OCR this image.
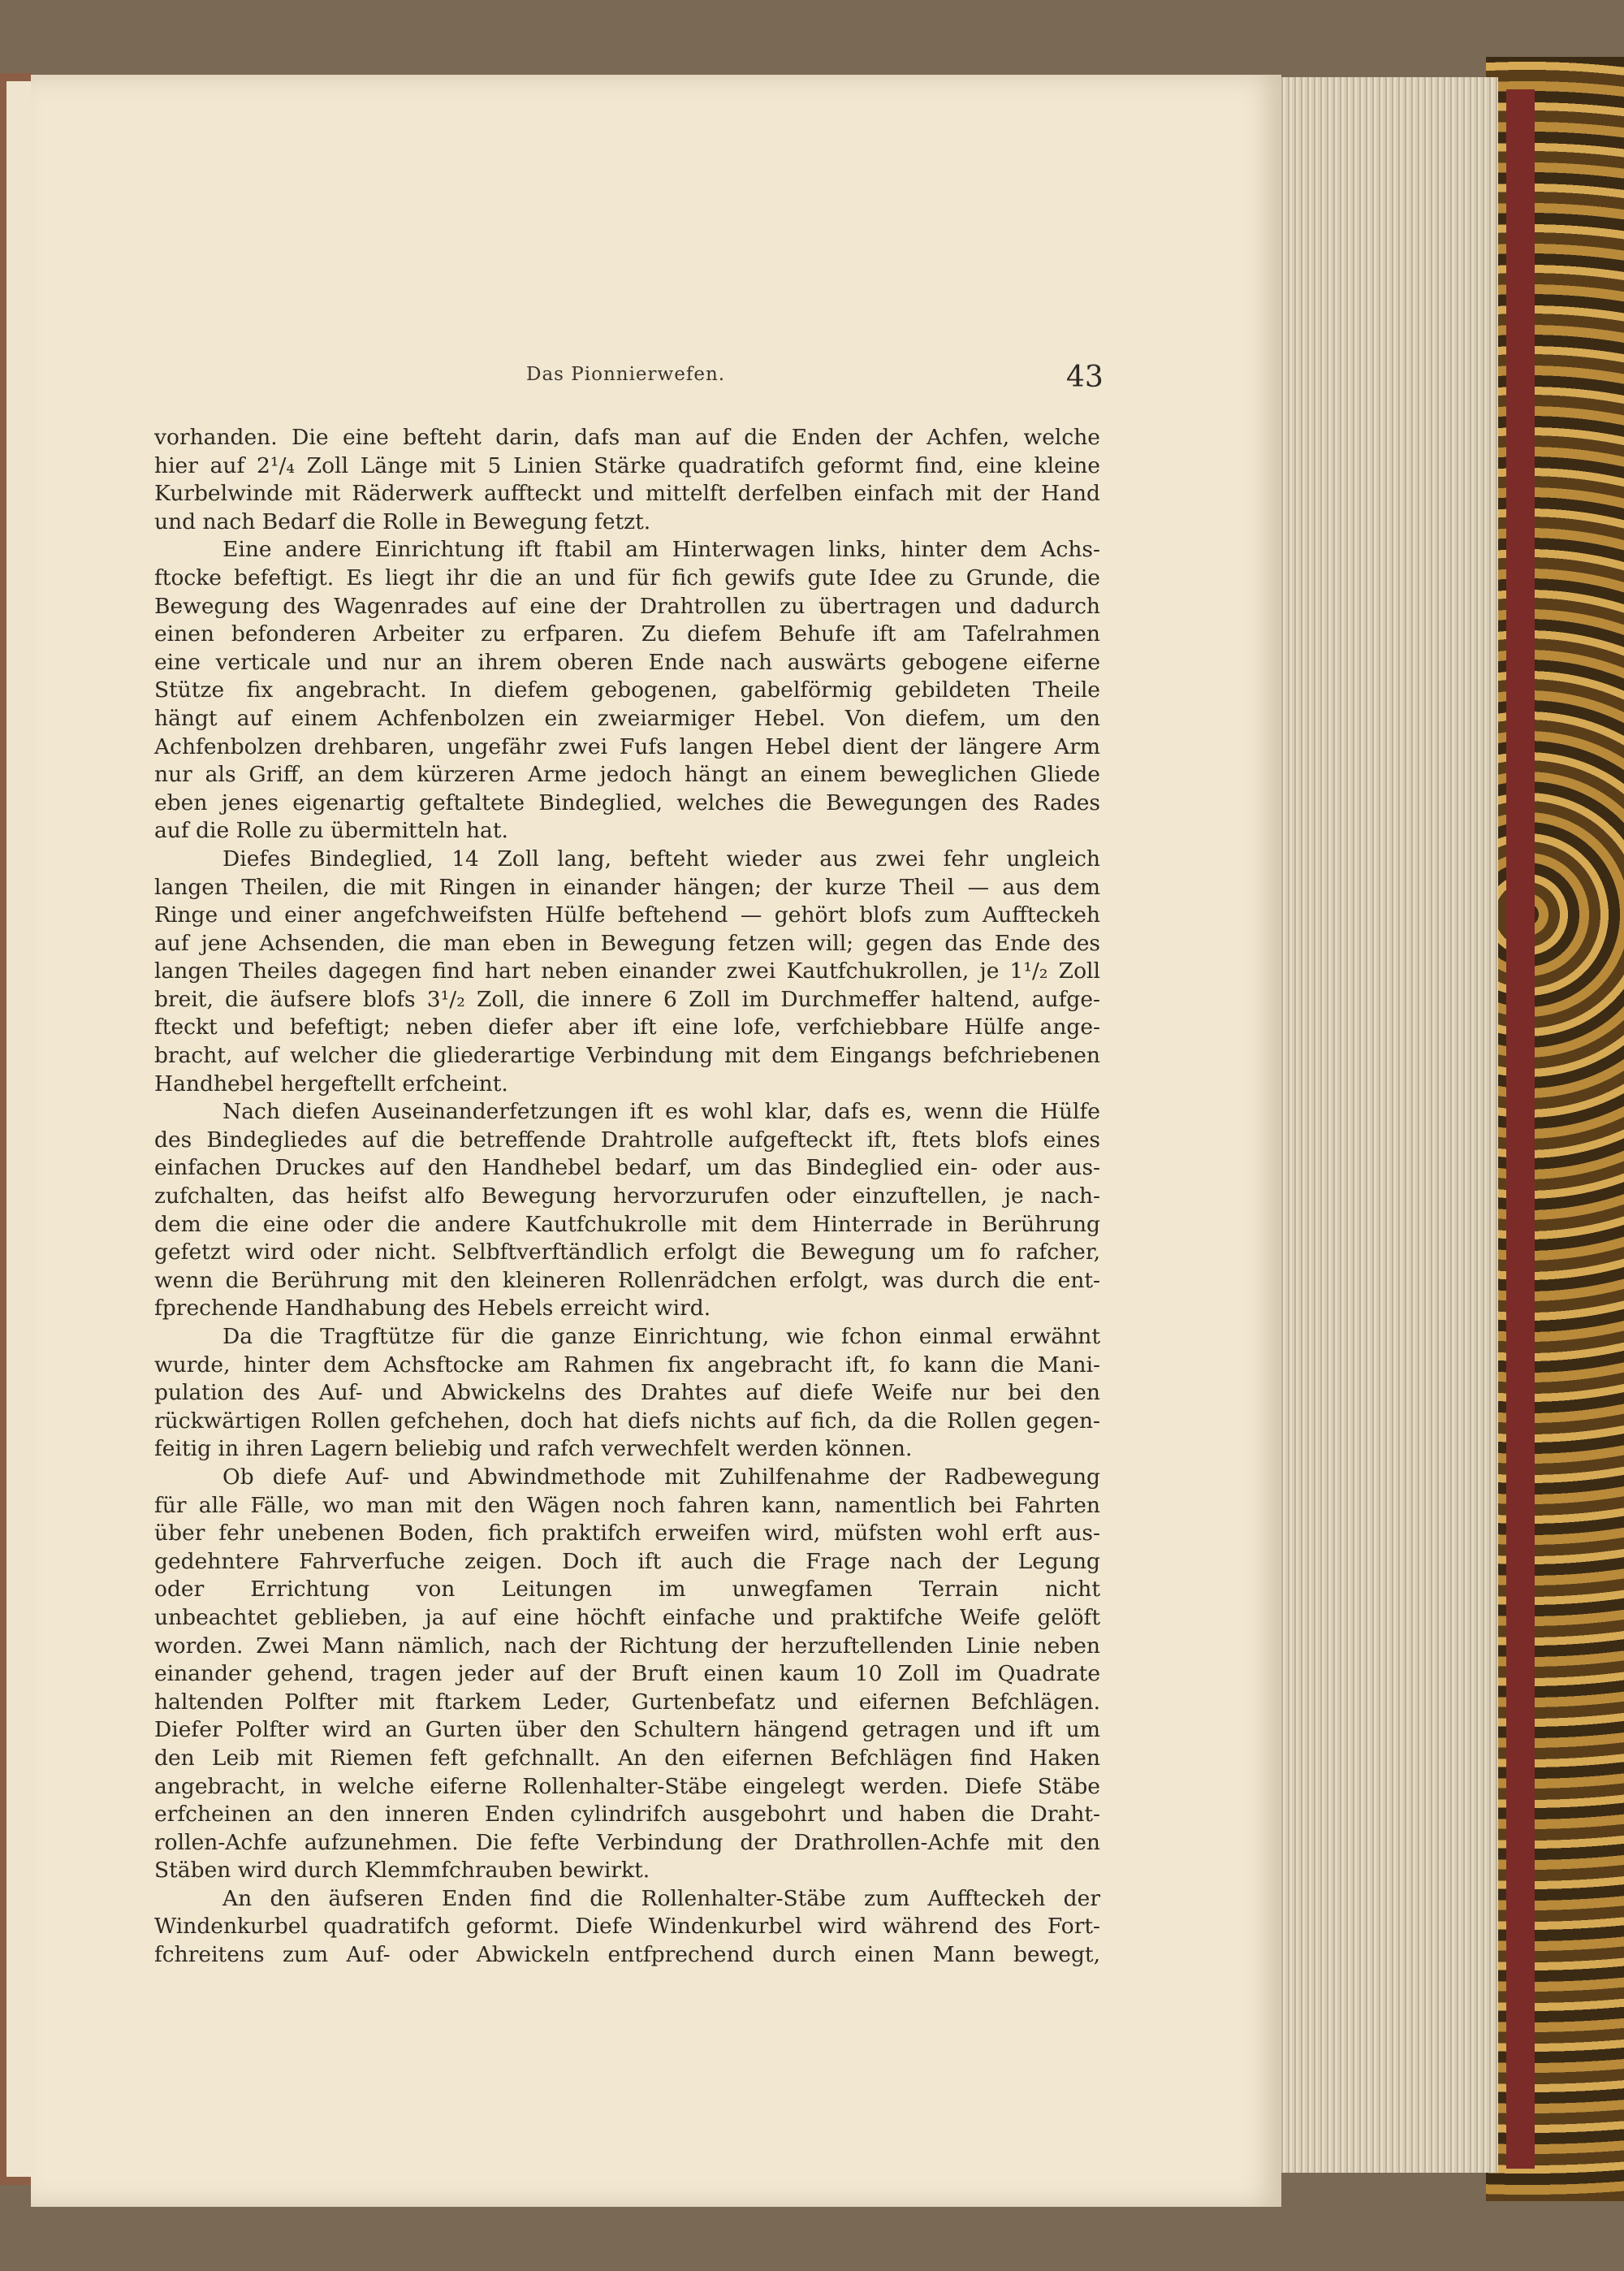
Das Pionnierwefen.	43
vorhanden. Die eine befteht darin, dafs man auf die Enden der Achfen, welche
hier auf 2¹/₄ Zoll Länge mit 5 Linien Stärke quadratifch geformt find, eine kleine
Kurbelwinde mit Räderwerk auffteckt und mittelft derfelben einfach mit der Hand
und nach Bedarf die Rolle in Bewegung fetzt.
Eine andere Einrichtung ift ftabil am Hinterwagen links, hinter dem Achs-
ftocke befeftigt. Es liegt ihr die an und für fich gewifs gute Idee zu Grunde, die
Bewegung des Wagenrades auf eine der Drahtrollen zu übertragen und dadurch
einen befonderen Arbeiter zu erfparen. Zu diefem Behufe ift am Tafelrahmen
eine verticale und nur an ihrem oberen Ende nach auswärts gebogene eiferne
Stütze fix angebracht. In diefem gebogenen, gabelförmig gebildeten Theile
hängt auf einem Achfenbolzen ein zweiarmiger Hebel. Von diefem, um den
Achfenbolzen drehbaren, ungefähr zwei Fufs langen Hebel dient der längere Arm
nur als Griff, an dem kürzeren Arme jedoch hängt an einem beweglichen Gliede
eben jenes eigenartig geftaltete Bindeglied, welches die Bewegungen des Rades
auf die Rolle zu übermitteln hat.
Diefes Bindeglied, 14 Zoll lang, befteht wieder aus zwei fehr ungleich
langen Theilen, die mit Ringen in einander hängen; der kurze Theil — aus dem
Ringe und einer angefchweifsten Hülfe beftehend — gehört blofs zum Auffteckeh
auf jene Achsenden, die man eben in Bewegung fetzen will; gegen das Ende des
langen Theiles dagegen find hart neben einander zwei Kautfchukrollen, je 1¹/₂ Zoll
breit, die äufsere blofs 3¹/₂ Zoll, die innere 6 Zoll im Durchmeffer haltend, aufge-
fteckt und befeftigt; neben diefer aber ift eine lofe, verfchiebbare Hülfe ange-
bracht, auf welcher die gliederartige Verbindung mit dem Eingangs befchriebenen
Handhebel hergeftellt erfcheint.
Nach diefen Auseinanderfetzungen ift es wohl klar, dafs es, wenn die Hülfe
des Bindegliedes auf die betreffende Drahtrolle aufgefteckt ift, ftets blofs eines
einfachen Druckes auf den Handhebel bedarf, um das Bindeglied ein- oder aus-
zufchalten, das heifst alfo Bewegung hervorzurufen oder einzuftellen, je nach-
dem die eine oder die andere Kautfchukrolle mit dem Hinterrade in Berührung
gefetzt wird oder nicht. Selbftverftändlich erfolgt die Bewegung um fo rafcher,
wenn die Berührung mit den kleineren Rollenrädchen erfolgt, was durch die ent-
fprechende Handhabung des Hebels erreicht wird.
Da die Tragftütze für die ganze Einrichtung, wie fchon einmal erwähnt
wurde, hinter dem Achsftocke am Rahmen fix angebracht ift, fo kann die Mani-
pulation des Auf- und Abwickelns des Drahtes auf diefe Weife nur bei den
rückwärtigen Rollen gefchehen, doch hat diefs nichts auf fich, da die Rollen gegen-
feitig in ihren Lagern beliebig und rafch verwechfelt werden können.
Ob diefe Auf- und Abwindmethode mit Zuhilfenahme der Radbewegung
für alle Fälle, wo man mit den Wägen noch fahren kann, namentlich bei Fahrten
über fehr unebenen Boden, fich praktifch erweifen wird, müfsten wohl erft aus-
gedehntere Fahrverfuche zeigen. Doch ift auch die Frage nach der Legung
oder Errichtung von Leitungen im unwegfamen Terrain nicht
unbeachtet geblieben, ja auf eine höchft einfache und praktifche Weife gelöft
worden. Zwei Mann nämlich, nach der Richtung der herzuftellenden Linie neben
einander gehend, tragen jeder auf der Bruft einen kaum 10 Zoll im Quadrate
haltenden Polfter mit ftarkem Leder, Gurtenbefatz und eifernen Befchlägen.
Diefer Polfter wird an Gurten über den Schultern hängend getragen und ift um
den Leib mit Riemen feft gefchnallt. An den eifernen Befchlägen find Haken
angebracht, in welche eiferne Rollenhalter-Stäbe eingelegt werden. Diefe Stäbe
erfcheinen an den inneren Enden cylindrifch ausgebohrt und haben die Draht-
rollen-Achfe aufzunehmen. Die fefte Verbindung der Drathrollen-Achfe mit den
Stäben wird durch Klemmfchrauben bewirkt.
An den äufseren Enden find die Rollenhalter-Stäbe zum Auffteckeh der
Windenkurbel quadratifch geformt. Diefe Windenkurbel wird während des Fort-
fchreitens zum Auf- oder Abwickeln entfprechend durch einen Mann bewegt,
